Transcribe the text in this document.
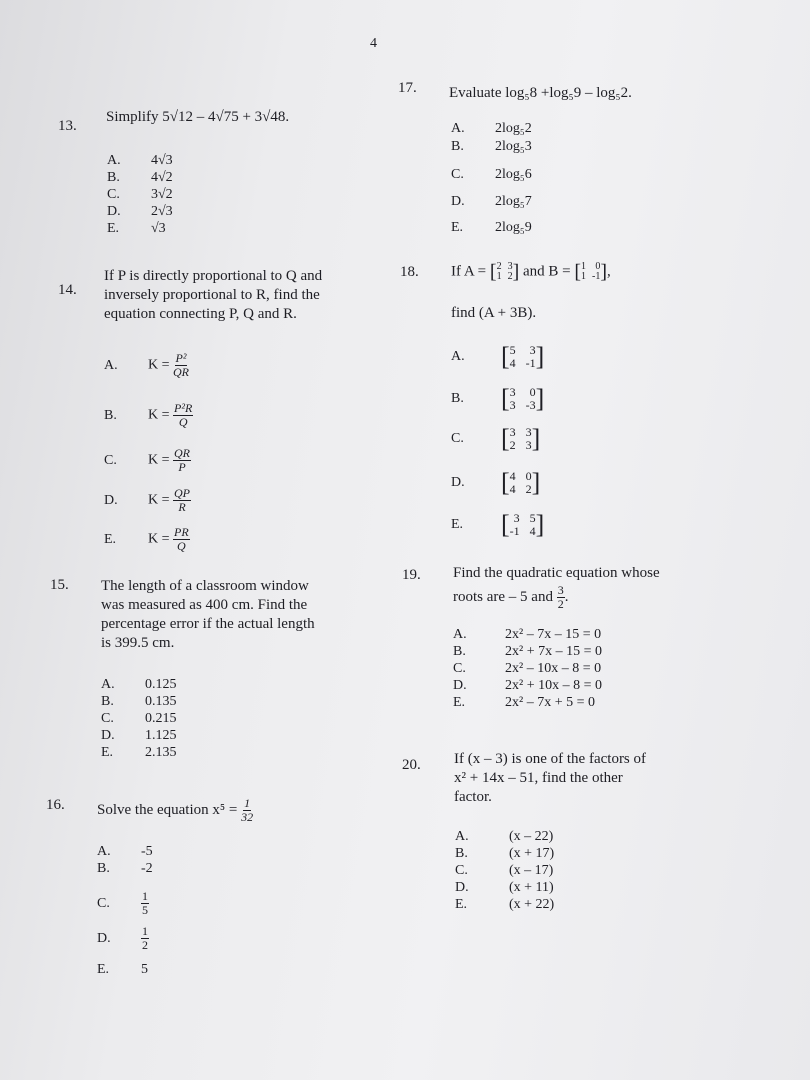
4
13.
Simplify 5√12 – 4√75 + 3√48.
A. 4√3
B. 4√2
C. 3√2
D. 2√3
E. √3
14.
If P is directly proportional to Q and
inversely proportional to R, find the
equation connecting P, Q and R.
A. $K = \frac{\text{P²}}{QR}$
B. $K = \frac{\text{P²R}}{Q}$
C. $K = \frac{QR}{P}$
D. $K = \frac{QP}{R}$
E. $K = \frac{PR}{Q}$
15. The length of a classroom window
was measured as 400 cm. Find the
percentage error if the actual length
is 399.5 cm.
A. 0.125
B. 0.135
C. 0.215
D. 1.125
E. 2.135
16. Solve the equation $x^5 = \frac{1}{32}$
A. -5
B. -2
C.	$\frac{1}{5}$
D.	$\frac{1}{2}$
E. 5
17. Evaluate log₅8 +log₅9 – log₅2.
A. 2log₅2
B. 2log₅3
C. 2log₅6
D. 2log₅7
E. 2log₅9
18. If A = [ 2 3
1 2 ] and B = [ 1 0
1 -1 ] ,
find (A + 3B).
A. [ 5	3
4 -1 ]
B. [ 3	0
3 -3 ]
C. [ 3 3
2 3 ]
D. [ 4 0
4 2 ]
E. [ 3 5
-1 4 ]
19. Find the quadratic equation whose
roots are – 5 and $\frac{3}{2}$ .
A.	2x² – 7x – 15 = 0
B.	2x² + 7x – 15 = 0
C.	2x² – 10x – 8 = 0
D.	2x² + 10x – 8 = 0
E.	2x² – 7x + 5 = 0
20. If (x – 3) is one of the factors of
x² + 14x – 51, find the other
factor.
A.	(x – 22)
B.	(x + 17)
C.	(x – 17)
D.	(x + 11)
E.	(x + 22)
